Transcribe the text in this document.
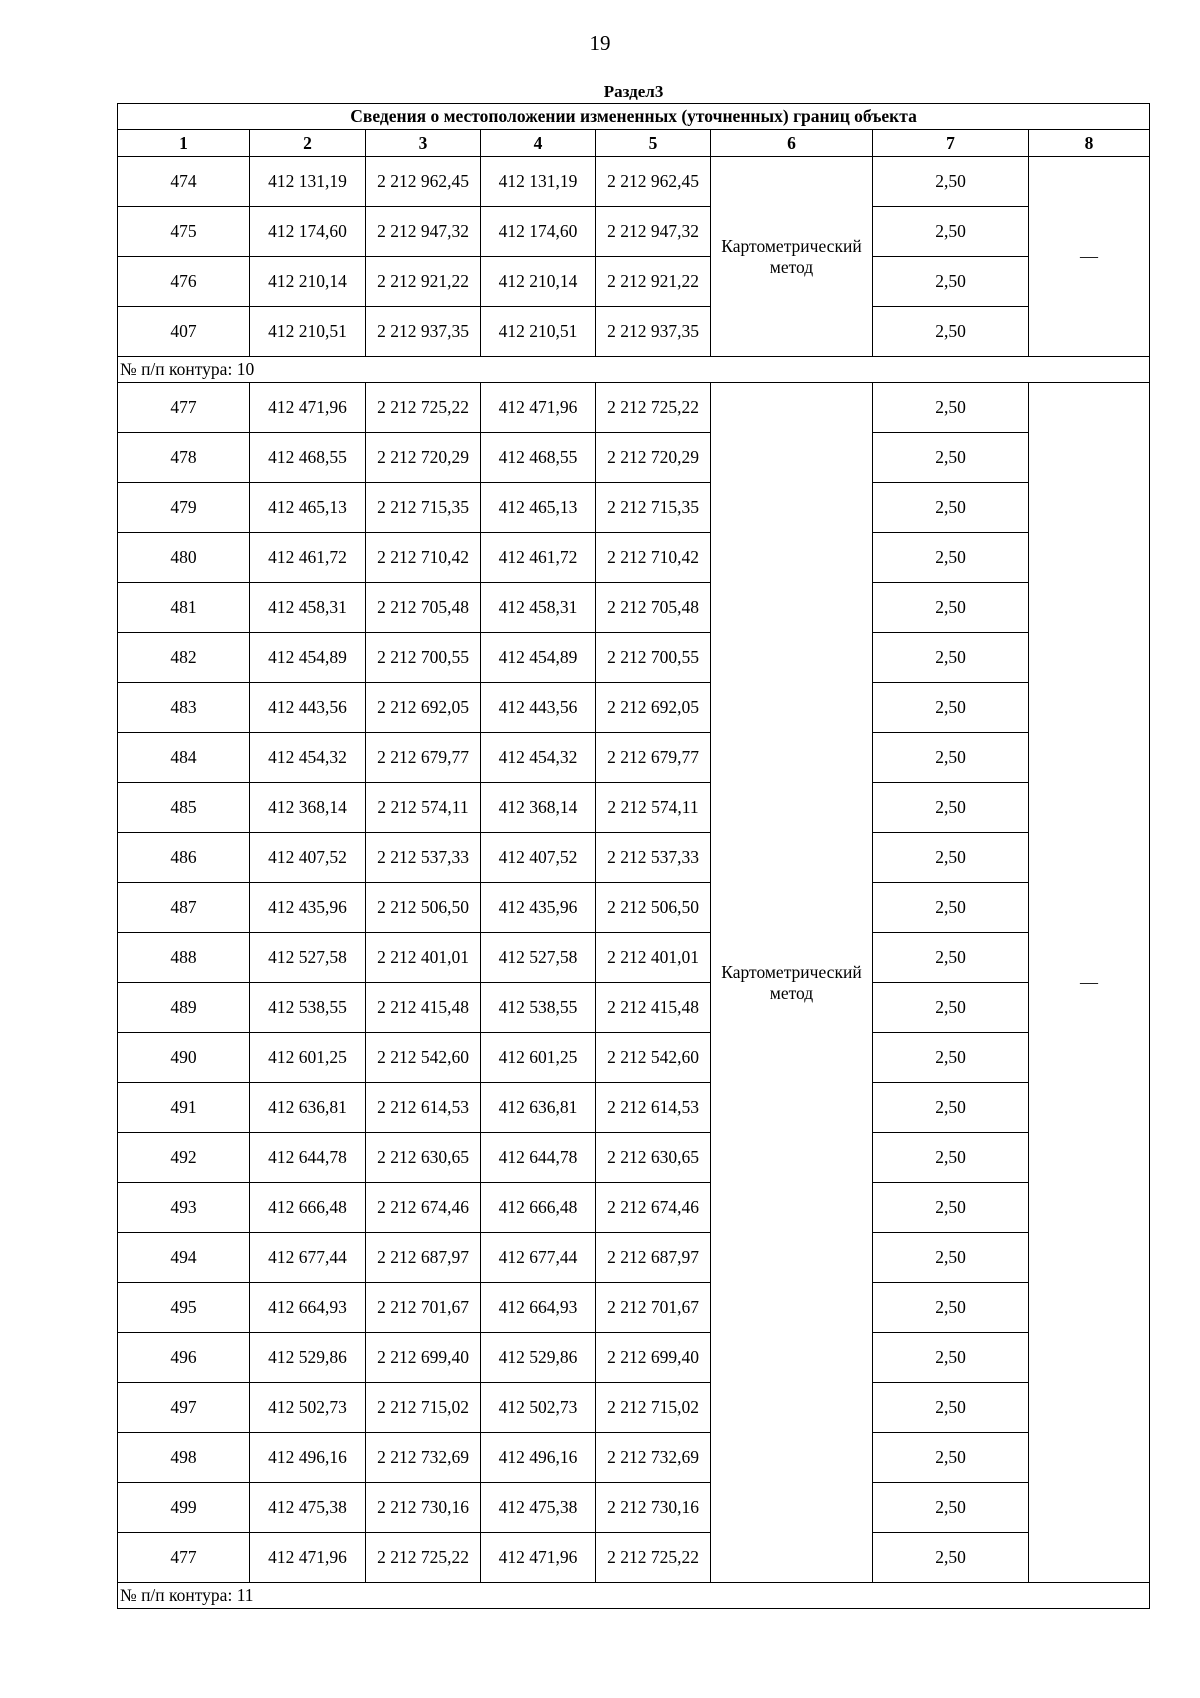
19
Раздел3							
Сведения о местоположении измененных (уточненных) границ объекта							
1	2	3	4	5	6	7	8
474	412 131,19	2 212 962,45	412 131,19	2 212 962,45	Картометрический метод	2,50	—
475	412 174,60	2 212 947,32	412 174,60	2 212 947,32		2,50	
476	412 210,14	2 212 921,22	412 210,14	2 212 921,22		2,50	
407	412 210,51	2 212 937,35	412 210,51	2 212 937,35		2,50	
№ п/п контура: 10							
477	412 471,96	2 212 725,22	412 471,96	2 212 725,22	Картометрический метод	2,50	—
478	412 468,55	2 212 720,29	412 468,55	2 212 720,29		2,50	
479	412 465,13	2 212 715,35	412 465,13	2 212 715,35		2,50	
480	412 461,72	2 212 710,42	412 461,72	2 212 710,42		2,50	
481	412 458,31	2 212 705,48	412 458,31	2 212 705,48		2,50	
482	412 454,89	2 212 700,55	412 454,89	2 212 700,55		2,50	
483	412 443,56	2 212 692,05	412 443,56	2 212 692,05		2,50	
484	412 454,32	2 212 679,77	412 454,32	2 212 679,77		2,50	
485	412 368,14	2 212 574,11	412 368,14	2 212 574,11		2,50	
486	412 407,52	2 212 537,33	412 407,52	2 212 537,33		2,50	
487	412 435,96	2 212 506,50	412 435,96	2 212 506,50		2,50	
488	412 527,58	2 212 401,01	412 527,58	2 212 401,01		2,50	
489	412 538,55	2 212 415,48	412 538,55	2 212 415,48		2,50	
490	412 601,25	2 212 542,60	412 601,25	2 212 542,60		2,50	
491	412 636,81	2 212 614,53	412 636,81	2 212 614,53		2,50	
492	412 644,78	2 212 630,65	412 644,78	2 212 630,65		2,50	
493	412 666,48	2 212 674,46	412 666,48	2 212 674,46		2,50	
494	412 677,44	2 212 687,97	412 677,44	2 212 687,97		2,50	
495	412 664,93	2 212 701,67	412 664,93	2 212 701,67		2,50	
496	412 529,86	2 212 699,40	412 529,86	2 212 699,40		2,50	
497	412 502,73	2 212 715,02	412 502,73	2 212 715,02		2,50	
498	412 496,16	2 212 732,69	412 496,16	2 212 732,69		2,50	
499	412 475,38	2 212 730,16	412 475,38	2 212 730,16		2,50	
477	412 471,96	2 212 725,22	412 471,96	2 212 725,22		2,50	
№ п/п контура: 11							
